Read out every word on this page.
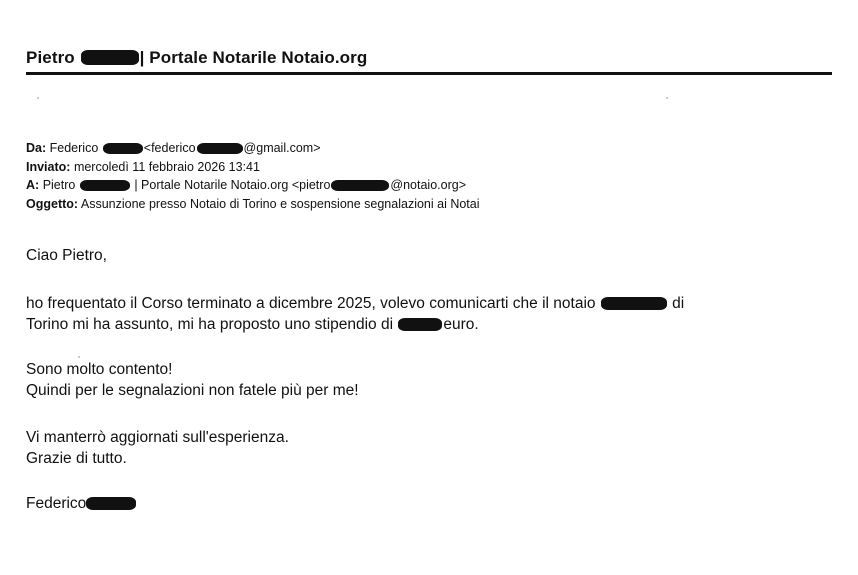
Pietro	| Portale Notarile Notaio.org
Da: Federico	<federico	@gmail.com>
Inviato: mercoledì 11 febbraio 2026 13:41
A: Pietro	| Portale Notarile Notaio.org <pietro	@notaio.org>
Oggetto: Assunzione presso Notaio di Torino e sospensione segnalazioni ai Notai
Ciao Pietro,
ho frequentato il Corso terminato a dicembre 2025, volevo comunicarti che il notaio	di
Torino mi ha assunto, mi ha proposto uno stipendio di	euro.
Sono molto contento!
Quindi per le segnalazioni non fatele più per me!
Vi manterrò aggiornati sull'esperienza.
Grazie di tutto.
Federico
